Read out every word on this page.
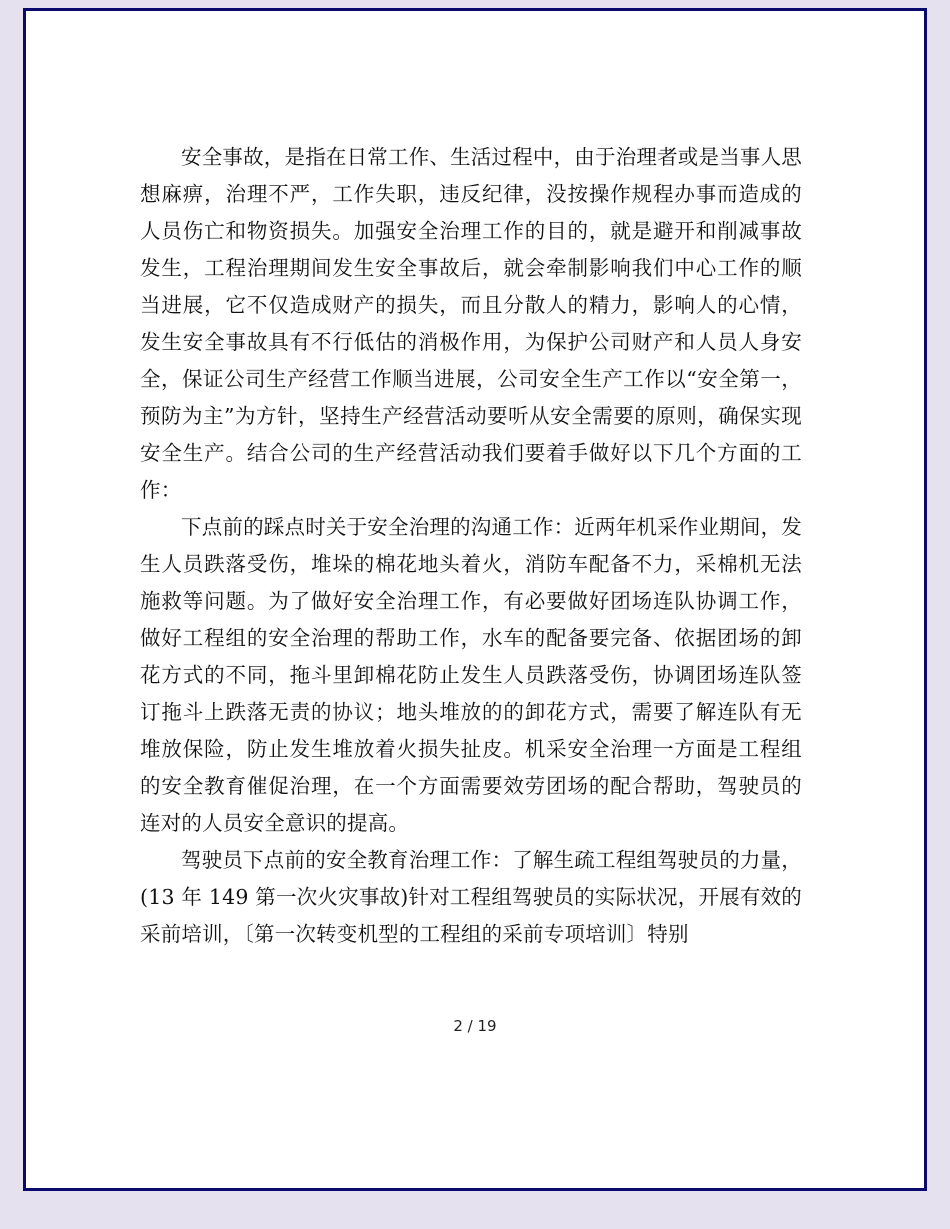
安全事故，是指在日常工作、生活过程中，由于治理者或是当事人思想麻痹，治理不严，工作失职，违反纪律，没按操作规程办事而造成的人员伤亡和物资损失。加强安全治理工作的目的，就是避开和削减事故发生，工程治理期间发生安全事故后，就会牵制影响我们中心工作的顺当进展，它不仅造成财产的损失，而且分散人的精力，影响人的心情，发生安全事故具有不行低估的消极作用，为保护公司财产和人员人身安全，保证公司生产经营工作顺当进展，公司安全生产工作以“安全第一，预防为主”为方针，坚持生产经营活动要听从安全需要的原则，确保实现安全生产。结合公司的生产经营活动我们要着手做好以下几个方面的工作：

下点前的踩点时关于安全治理的沟通工作：近两年机采作业期间，发生人员跌落受伤，堆垛的棉花地头着火，消防车配备不力，采棉机无法施救等问题。为了做好安全治理工作，有必要做好团场连队协调工作，做好工程组的安全治理的帮助工作，水车的配备要完备、依据团场的卸花方式的不同，拖斗里卸棉花防止发生人员跌落受伤，协调团场连队签订拖斗上跌落无责的协议；地头堆放的的卸花方式，需要了解连队有无堆放保险，防止发生堆放着火损失扯皮。机采安全治理一方面是工程组的安全教育催促治理，在一个方面需要效劳团场的配合帮助，驾驶员的连对的人员安全意识的提高。

驾驶员下点前的安全教育治理工作：了解生疏工程组驾驶员的力量，(13 年 149 第一次火灾事故)针对工程组驾驶员的实际状况，开展有效的采前培训，〔第一次转变机型的工程组的采前专项培训〕特别

2 / 19
